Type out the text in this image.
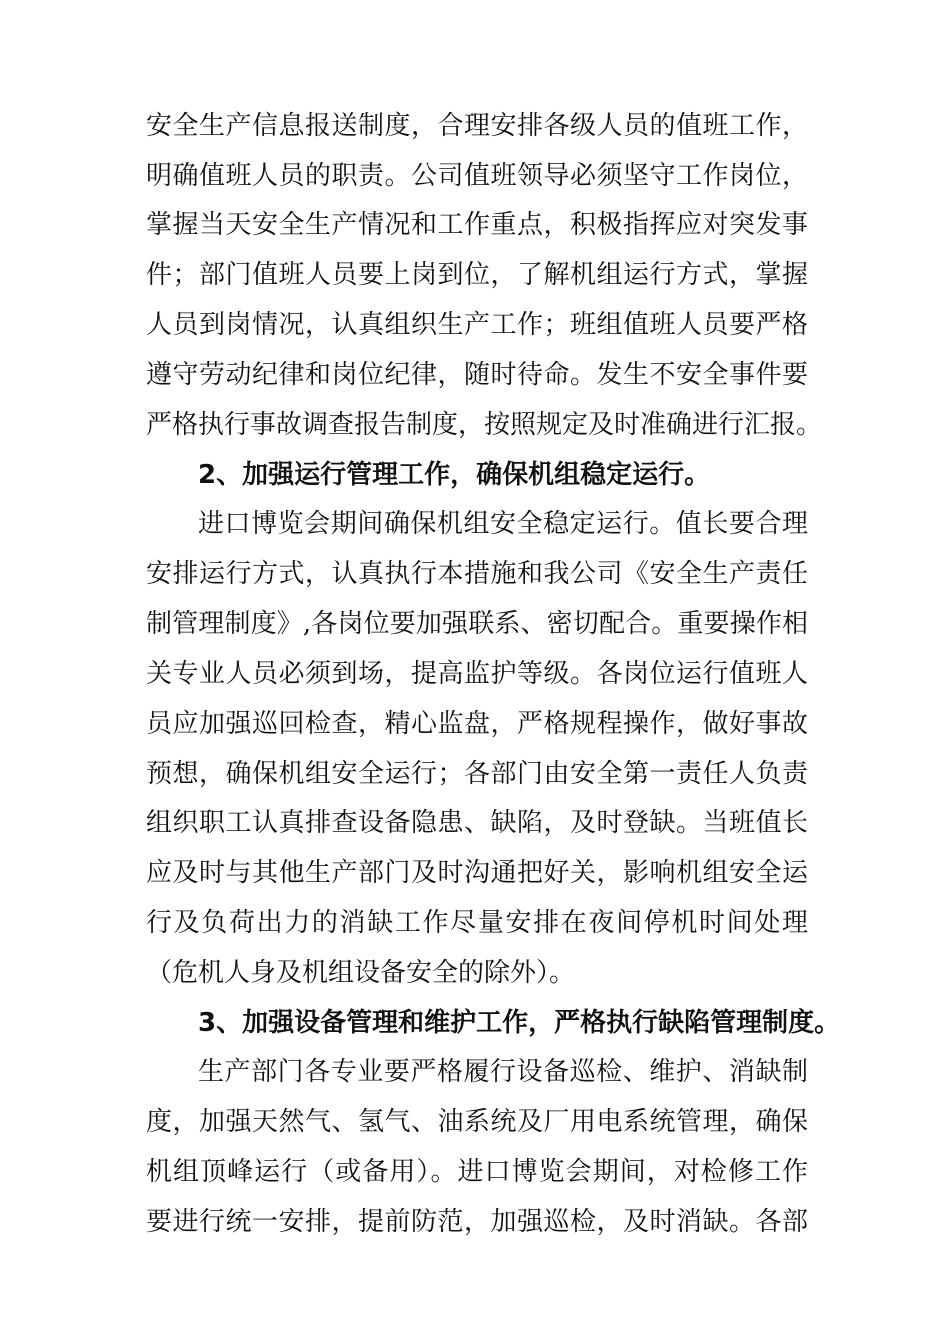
安全生产信息报送制度，合理安排各级人员的值班工作，
明确值班人员的职责。公司值班领导必须坚守工作岗位，
掌握当天安全生产情况和工作重点，积极指挥应对突发事
件；部门值班人员要上岗到位，了解机组运行方式，掌握
人员到岗情况，认真组织生产工作；班组值班人员要严格
遵守劳动纪律和岗位纪律，随时待命。发生不安全事件要
严格执行事故调查报告制度，按照规定及时准确进行汇报。
2、加强运行管理工作，确保机组稳定运行。
进口博览会期间确保机组安全稳定运行。值长要合理
安排运行方式，认真执行本措施和我公司《安全生产责任
制管理制度》,各岗位要加强联系、密切配合。重要操作相
关专业人员必须到场，提高监护等级。各岗位运行值班人
员应加强巡回检查，精心监盘，严格规程操作，做好事故
预想，确保机组安全运行；各部门由安全第一责任人负责
组织职工认真排查设备隐患、缺陷，及时登缺。当班值长
应及时与其他生产部门及时沟通把好关，影响机组安全运
行及负荷出力的消缺工作尽量安排在夜间停机时间处理
（危机人身及机组设备安全的除外）。
3、加强设备管理和维护工作，严格执行缺陷管理制度。
生产部门各专业要严格履行设备巡检、维护、消缺制
度，加强天然气、氢气、油系统及厂用电系统管理，确保
机组顶峰运行（或备用）。进口博览会期间，对检修工作
要进行统一安排，提前防范，加强巡检，及时消缺。各部
